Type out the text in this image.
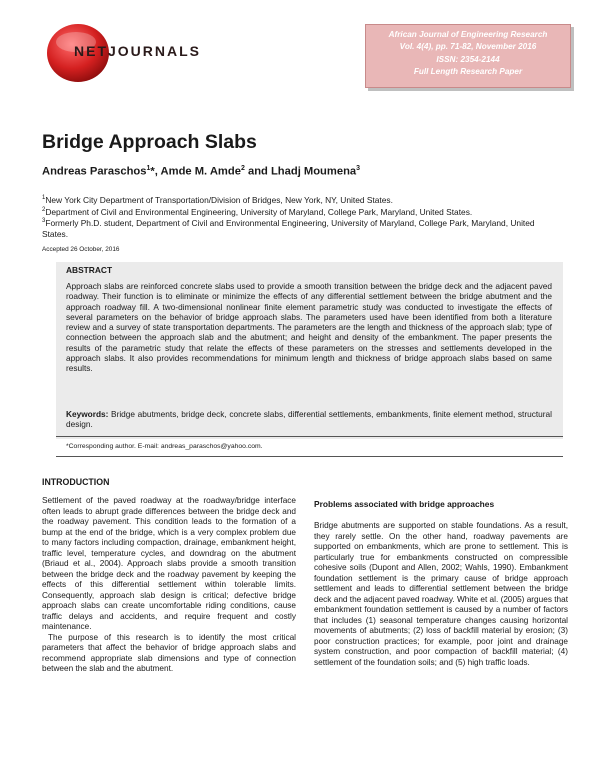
NETJOURNALS
African Journal of Engineering Research
Vol. 4(4), pp. 71-82, November 2016
ISSN: 2354-2144
Full Length Research Paper
Bridge Approach Slabs
Andreas Paraschos$^1$*, Amde M. Amde$^2$ and Lhadj Moumena$^3$
$^1$New York City Department of Transportation/Division of Bridges, New York, NY, United States.
$^2$Department of Civil and Environmental Engineering, University of Maryland, College Park, Maryland, United States.
$^3$Formerly Ph.D. student, Department of Civil and Environmental Engineering, University of Maryland, College Park, Maryland, United States.
Accepted 26 October, 2016
ABSTRACT
Approach slabs are reinforced concrete slabs used to provide a smooth transition between the bridge deck and the adjacent paved roadway. Their function is to eliminate or minimize the effects of any differential settlement between the bridge abutment and the approach roadway fill. A two-dimensional nonlinear finite element parametric study was conducted to investigate the effects of several parameters on the behavior of bridge approach slabs. The parameters used have been identified from both a literature review and a survey of state transportation departments. The parameters are the length and thickness of the approach slab; type of connection between the approach slab and the abutment; and height and density of the embankment. The paper presents the results of the parametric study that relate the effects of these parameters on the stresses and settlements developed in the approach slabs. It also provides recommendations for minimum length and thickness of bridge approach slabs based on same results.
Keywords: Bridge abutments, bridge deck, concrete slabs, differential settlements, embankments, finite element method, structural design.
*Corresponding author. E-mail: andreas_paraschos@yahoo.com.
INTRODUCTION

Settlement of the paved roadway at the roadway/bridge interface often leads to abrupt grade differences between the bridge deck and the roadway pavement. This condition leads to the formation of a bump at the end of the bridge, which is a very complex problem due to many factors including compaction, drainage, embankment height, traffic level, temperature cycles, and downdrag on the abutment (Briaud et al., 2004). Approach slabs provide a smooth transition between the bridge deck and the roadway pavement by keeping the effects of this differential settlement within tolerable limits. Consequently, approach slab design is critical; defective bridge approach slabs can create uncomfortable riding conditions, cause traffic delays and accidents, and require frequent and costly maintenance.

The purpose of this research is to identify the most critical parameters that affect the behavior of bridge approach slabs and recommend appropriate slab dimensions and type of connection between the slab and the abutment.

Problems associated with bridge approaches

Bridge abutments are supported on stable foundations. As a result, they rarely settle. On the other hand, roadway pavements are supported on embankments, which are prone to settlement. This is particularly true for embankments constructed on compressible cohesive soils (Dupont and Allen, 2002; Wahls, 1990). Embankment foundation settlement is the primary cause of bridge approach settlement and leads to differential settlement between the bridge deck and the adjacent paved roadway. White et al. (2005) argues that embankment foundation settlement is caused by a number of factors that includes (1) seasonal temperature changes causing horizontal movements of abutments; (2) loss of backfill material by erosion; (3) poor construction practices; for example, poor joint and drainage system construction, and poor compaction of backfill material; (4) settlement of the foundation soils; and (5) high traffic loads.
